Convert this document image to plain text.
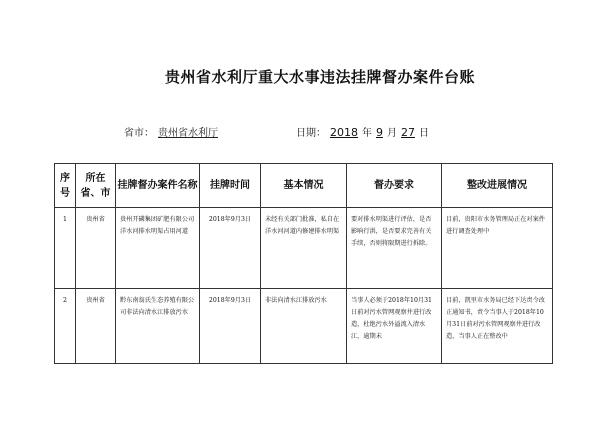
贵州省水利厅重大水事违法挂牌督办案件台账
省市： 贵州省水利厅	日期： 2018 年 9 月 27 日
序号	所在省、市	挂牌督办案件名称	挂牌时间	基本情况	督办要求	整改进展情况
1	贵州省	贵州开磷集团矿肥有限公司洋水河排水明渠占用河道	2018年9月3日	未经有关部门批准，私自在洋水河河道内修建排水明渠	要对排水明渠进行评估，是否影响行洪，是否要求完善有关手续，否则将限期进行拆除。	目前，贵阳市水务管理局正在对案件进行调查处理中
2	贵州省	黔东南翁氏生态养殖有限公司非法向清水江排放污水	2018年9月3日	非法向清水江排放污水	当事人必须于2018年10月31日前对污水管网观察井进行改造，杜绝污水外溢流入清水江，逾期未	目前，凯里市水务局已经下达责令改正通知书，责令当事人于2018年10月31日前对污水管网观察井进行改造，当事人正在整改中
